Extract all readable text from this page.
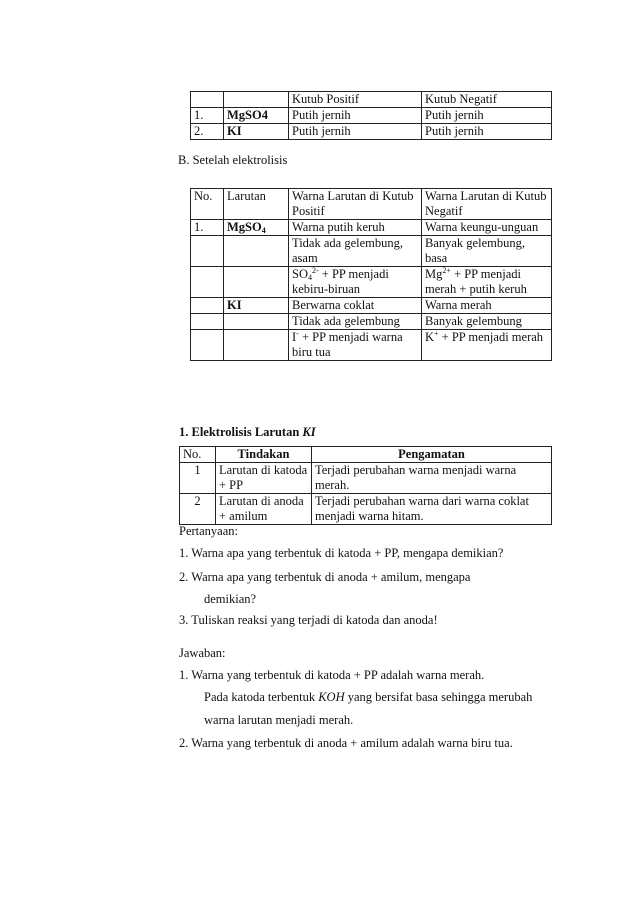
		Kutub Positif	Kutub Negatif
1.	MgSO4	Putih jernih	Putih jernih
2.	KI	Putih jernih	Putih jernih
B. Setelah elektrolisis
No.	Larutan	Warna Larutan di Kutub Positif	Warna Larutan di Kutub Negatif
1.	MgSO$_4$	Warna putih keruh	Warna keungu-unguan
		Tidak ada gelembung, asam	Banyak gelembung, basa
		$SO_4^{2-}$ + PP menjadi kebiru-biruan	$Mg^{2+}$ + PP menjadi merah + putih keruh
	KI	Berwarna coklat	Warna merah
		Tidak ada gelembung	Banyak gelembung
		I- + PP menjadi warna biru tua	K+ + PP menjadi merah
1. Elektrolisis Larutan KI
No.	Tindakan	Pengamatan
1	Larutan di katoda + PP	Terjadi perubahan warna menjadi warna merah.
2	Larutan di anoda + amilum	Terjadi perubahan warna dari warna coklat menjadi warna hitam.
Pertanyaan:
1. Warna apa yang terbentuk di katoda + PP, mengapa demikian?
2. Warna apa yang terbentuk di anoda + amilum, mengapa
demikian?
3. Tuliskan reaksi yang terjadi di katoda dan anoda!
Jawaban:
1. Warna yang terbentuk di katoda + PP adalah warna merah.
Pada katoda terbentuk KOH yang bersifat basa sehingga merubah
warna larutan menjadi merah.
2. Warna yang terbentuk di anoda + amilum adalah warna biru tua.
